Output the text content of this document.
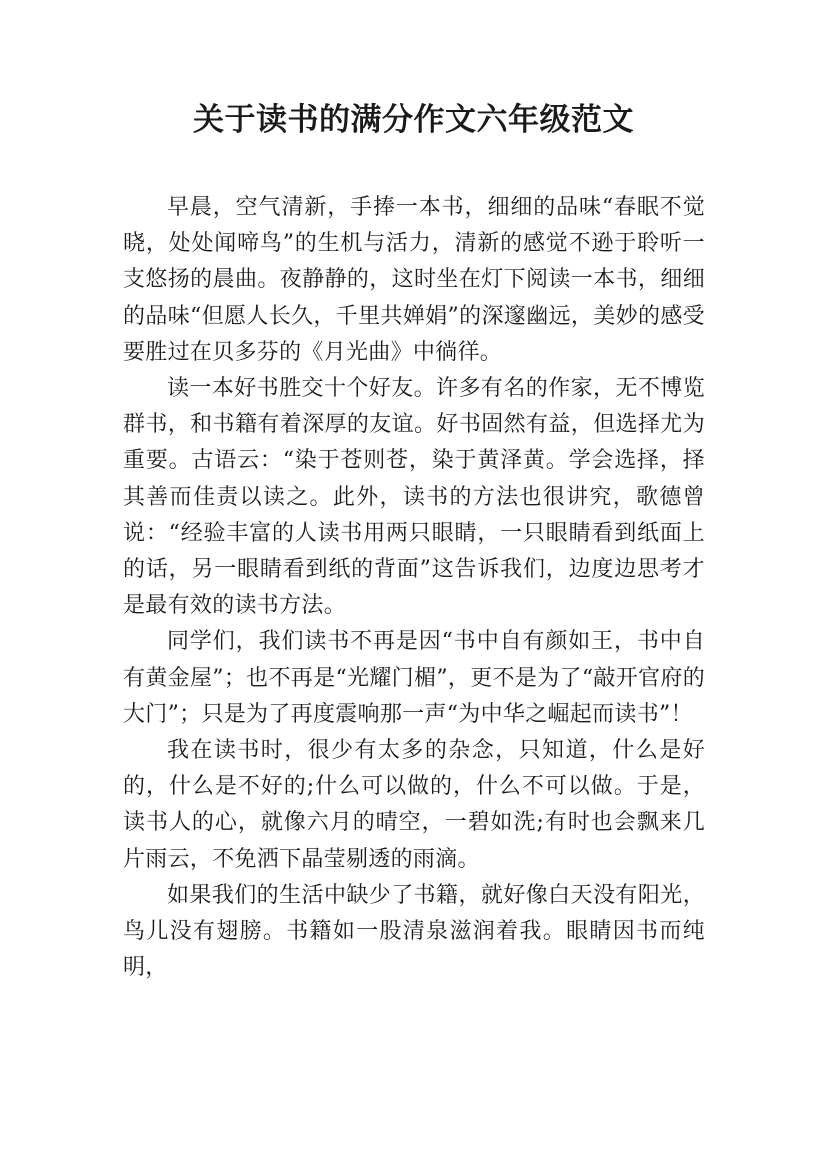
关于读书的满分作文六年级范文

早晨，空气清新，手捧一本书，细细的品味“春眠不觉晓，处处闻啼鸟”的生机与活力，清新的感觉不逊于聆听一支悠扬的晨曲。夜静静的，这时坐在灯下阅读一本书，细细的品味“但愿人长久，千里共婵娟”的深邃幽远，美妙的感受要胜过在贝多芬的《月光曲》中徜徉。

读一本好书胜交十个好友。许多有名的作家，无不博览群书，和书籍有着深厚的友谊。好书固然有益，但选择尤为重要。古语云：“染于苍则苍，染于黄泽黄。学会选择，择其善而佳责以读之。此外，读书的方法也很讲究，歌德曾说：“经验丰富的人读书用两只眼睛，一只眼睛看到纸面上的话，另一眼睛看到纸的背面”这告诉我们，边度边思考才是最有效的读书方法。

同学们，我们读书不再是因“书中自有颜如王，书中自有黄金屋”；也不再是“光耀门楣”，更不是为了“敲开官府的大门”；只是为了再度震响那一声“为中华之崛起而读书”！

我在读书时，很少有太多的杂念，只知道，什么是好的，什么是不好的;什么可以做的，什么不可以做。于是，读书人的心，就像六月的晴空，一碧如洗;有时也会飘来几片雨云，不免洒下晶莹剔透的雨滴。

如果我们的生活中缺少了书籍，就好像白天没有阳光，鸟儿没有翅膀。书籍如一股清泉滋润着我。眼睛因书而纯明，
